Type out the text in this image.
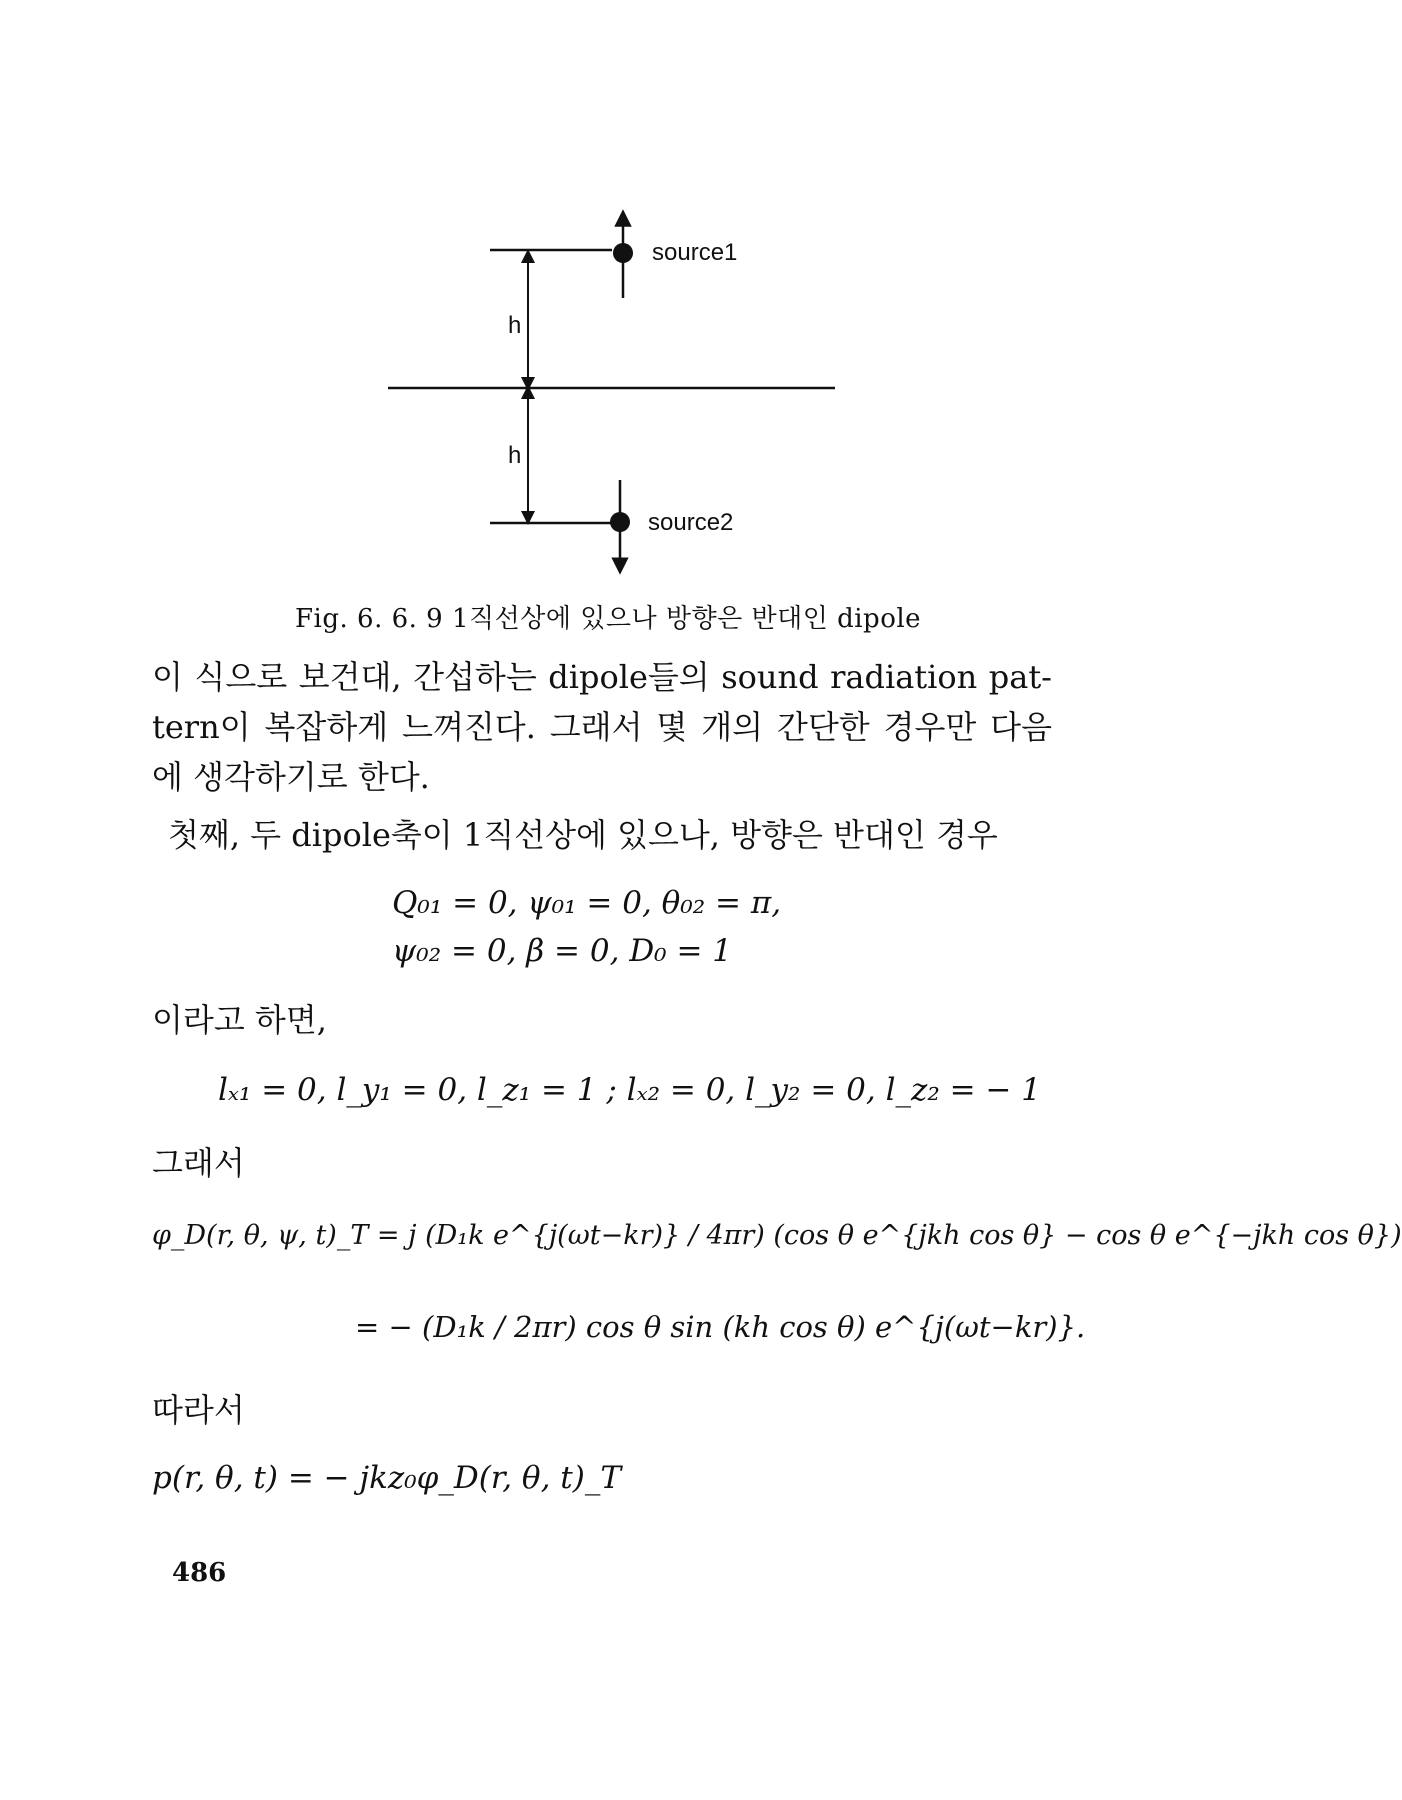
h
h
source1
source2
Fig. 6. 6. 9 1직선상에 있으나 방향은 반대인 dipole
이 식으로 보건대, 간섭하는 dipole들의 sound radiation pat-
tern이 복잡하게 느껴진다. 그래서 몇 개의 간단한 경우만 다음
에 생각하기로 한다.
첫째, 두 dipole축이 1직선상에 있으나, 방향은 반대인 경우
Q₀₁ = 0, ψ₀₁ = 0, θ₀₂ = π,
ψ₀₂ = 0, β = 0, D₀ = 1
이라고 하면,
lₓ₁ = 0, l_y₁ = 0, l_z₁ = 1 ; lₓ₂ = 0, l_y₂ = 0, l_z₂ = − 1
그래서
φ_D(r, θ, ψ, t)_T = j (D₁k e^{j(ωt−kr)} / 4πr) (cos θ e^{jkh cos θ} − cos θ e^{−jkh cos θ})
= − (D₁k / 2πr) cos θ sin (kh cos θ) e^{j(ωt−kr)}.
따라서
p(r, θ, t) = − jkz₀φ_D(r, θ, t)_T
486
